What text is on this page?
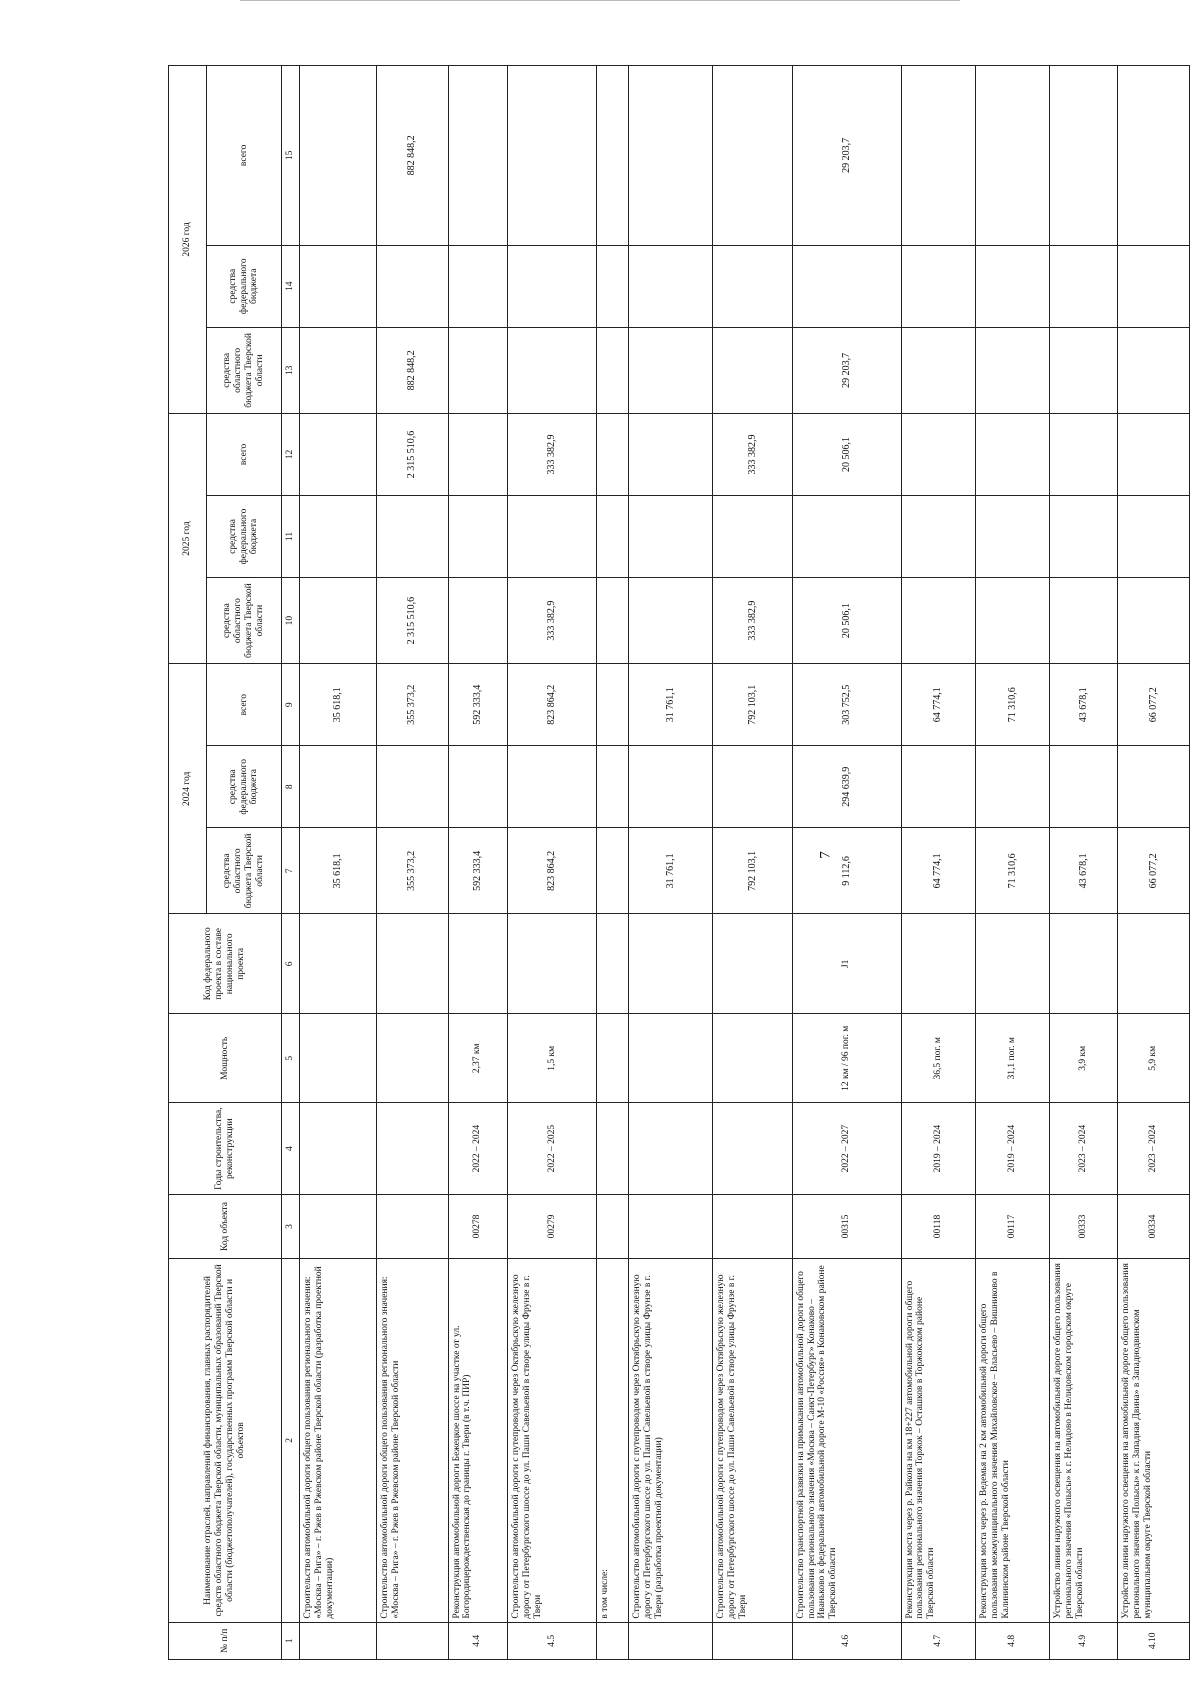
7
№ п/п	Наименование отраслей, направлений финансирования, главных распорядителей средств областного бюджета Тверской области, муниципальных образований Тверской области (бюджетополучателей), государственных программ Тверской области и объектов	Код объекта	Годы строительства, реконструкции	Мощность	Код федерального проекта в составе национального проекта	2024 год			2025 год			2026 год		
						средства областного бюджета Тверской области	средства федерального бюджета	всего	средства областного бюджета Тверской области	средства федерального бюджета	всего	средства областного бюджета Тверской области	средства федерального бюджета	всего
1	2	3	4	5	6	7	8	9	10	11	12	13	14	15
	Строительство автомобильной дороги общего пользования регионального значения: «Москва – Рига» – г. Ржев в Ржевском районе Тверской области (разработка проектной документации)					35 618,1		35 618,1						
	Строительство автомобильной дороги общего пользования регионального значения: «Москва – Рига» – г. Ржев в Ржевском районе Тверской области					355 373,2		355 373,2	2 315 510,6		2 315 510,6	882 848,2		882 848,2
4.4	Реконструкция автомобильной дороги Бежецкое шоссе на участке от ул. Богородицерождественская до границы г. Твери (в т.ч. ПИР)	00278	2022 – 2024	2,37 км		592 333,4		592 333,4						
4.5	Строительство автомобильной дороги с путепроводом через Октябрьскую железную дорогу от Петербургского шоссе до ул. Паши Савельевой в створе улицы Фрунзе в г. Твери	00279	2022 – 2025	1,5 км		823 864,2		823 864,2	333 382,9		333 382,9			
	в том числе:													
	Строительство автомобильной дороги с путепроводом через Октябрьскую железную дорогу от Петербургского шоссе до ул. Паши Савельевой в створе улицы Фрунзе в г. Твери (разработка проектной документации)					31 761,1		31 761,1						
	Строительство автомобильной дороги с путепроводом через Октябрьскую железную дорогу от Петербургского шоссе до ул. Паши Савельевой в створе улицы Фрунзе в г. Твери					792 103,1		792 103,1	333 382,9		333 382,9			
4.6	Строительство транспортной развязки на примыкании автомобильной дороги общего пользования регионального значения «Москва – Санкт-Петербург» Конаково – Иваньково к федеральной автомобильной дороге М-10 «Россия» в Конаковском районе Тверской области	00315	2022 – 2027	12 км / 96 пог. м	J1	9 112,6	294 639,9	303 752,5	20 506,1		20 506,1	29 203,7		29 203,7
4.7	Реконструкция моста через р. Райкона на км 18+227 автомобильной дороги общего пользования регионального значения Торжок – Осташков в Торжокском районе Тверской области	00118	2019 – 2024	36,5 пог. м		64 774,1		64 774,1						
4.8	Реконструкция моста через р. Ведемья на 2 км автомобильной дороги общего пользования межмуниципального значения Михайловское – Власьево – Вишниково в Калининском районе Тверской области	00117	2019 – 2024	31,1 пог. м		71 310,6		71 310,6						
4.9	Устройство линии наружного освещения на автомобильной дороге общего пользования регионального значения «Полысы» к г. Нелидово в Нелидовском городском округе Тверской области	00333	2023 – 2024	3,9 км		43 678,1		43 678,1						
4.10	Устройство линии наружного освещения на автомобильной дороге общего пользования регионального значения «Полысы» к г. Западная Двина» в Западнодвинском муниципальном округе Тверской области	00334	2023 – 2024	5,9 км		66 077,2		66 077,2						
